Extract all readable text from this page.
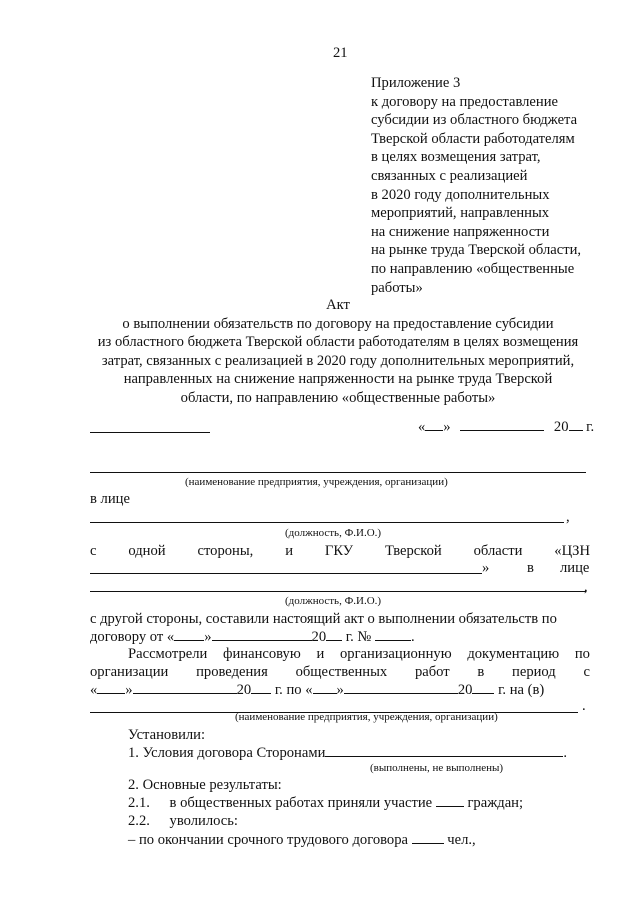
21
Приложение 3
к договору на предоставление
субсидии из областного бюджета
Тверской области работодателям
в целях возмещения затрат,
связанных с реализацией
в 2020 году дополнительных
мероприятий, направленных
на снижение напряженности
на рынке труда Тверской области,
по направлению «общественные
работы»
Акт
о выполнении обязательств по договору на предоставление субсидии
из областного бюджета Тверской области работодателям в целях возмещения
затрат, связанных с реализацией в 2020 году дополнительных мероприятий,
направленных на снижение напряженности на рынке труда Тверской
области, по направлению «общественные работы»
« »	20 г.
(наименование предприятия, учреждения, организации)
в лице
,
(должность, Ф.И.О.)
с одной стороны, и ГКУ Тверской области «ЦЗН
»	в лице
,
(должность, Ф.И.О.)
с другой стороны, составили настоящий акт о выполнении обязательств по
договору от « »	20 г. №	.
Рассмотрели финансовую и организационную документацию по
организации проведения общественных работ в период с
« »	20 г. по « »	20 г. на (в)
.
(наименование предприятия, учреждения, организации)
Установили:
1. Условия договора Сторонами	.
(выполнены, не выполнены)
2. Основные результаты:
2.1. в общественных работах приняли участие граждан;
2.2. уволилось:
– по окончании срочного трудового договора	чел.,
